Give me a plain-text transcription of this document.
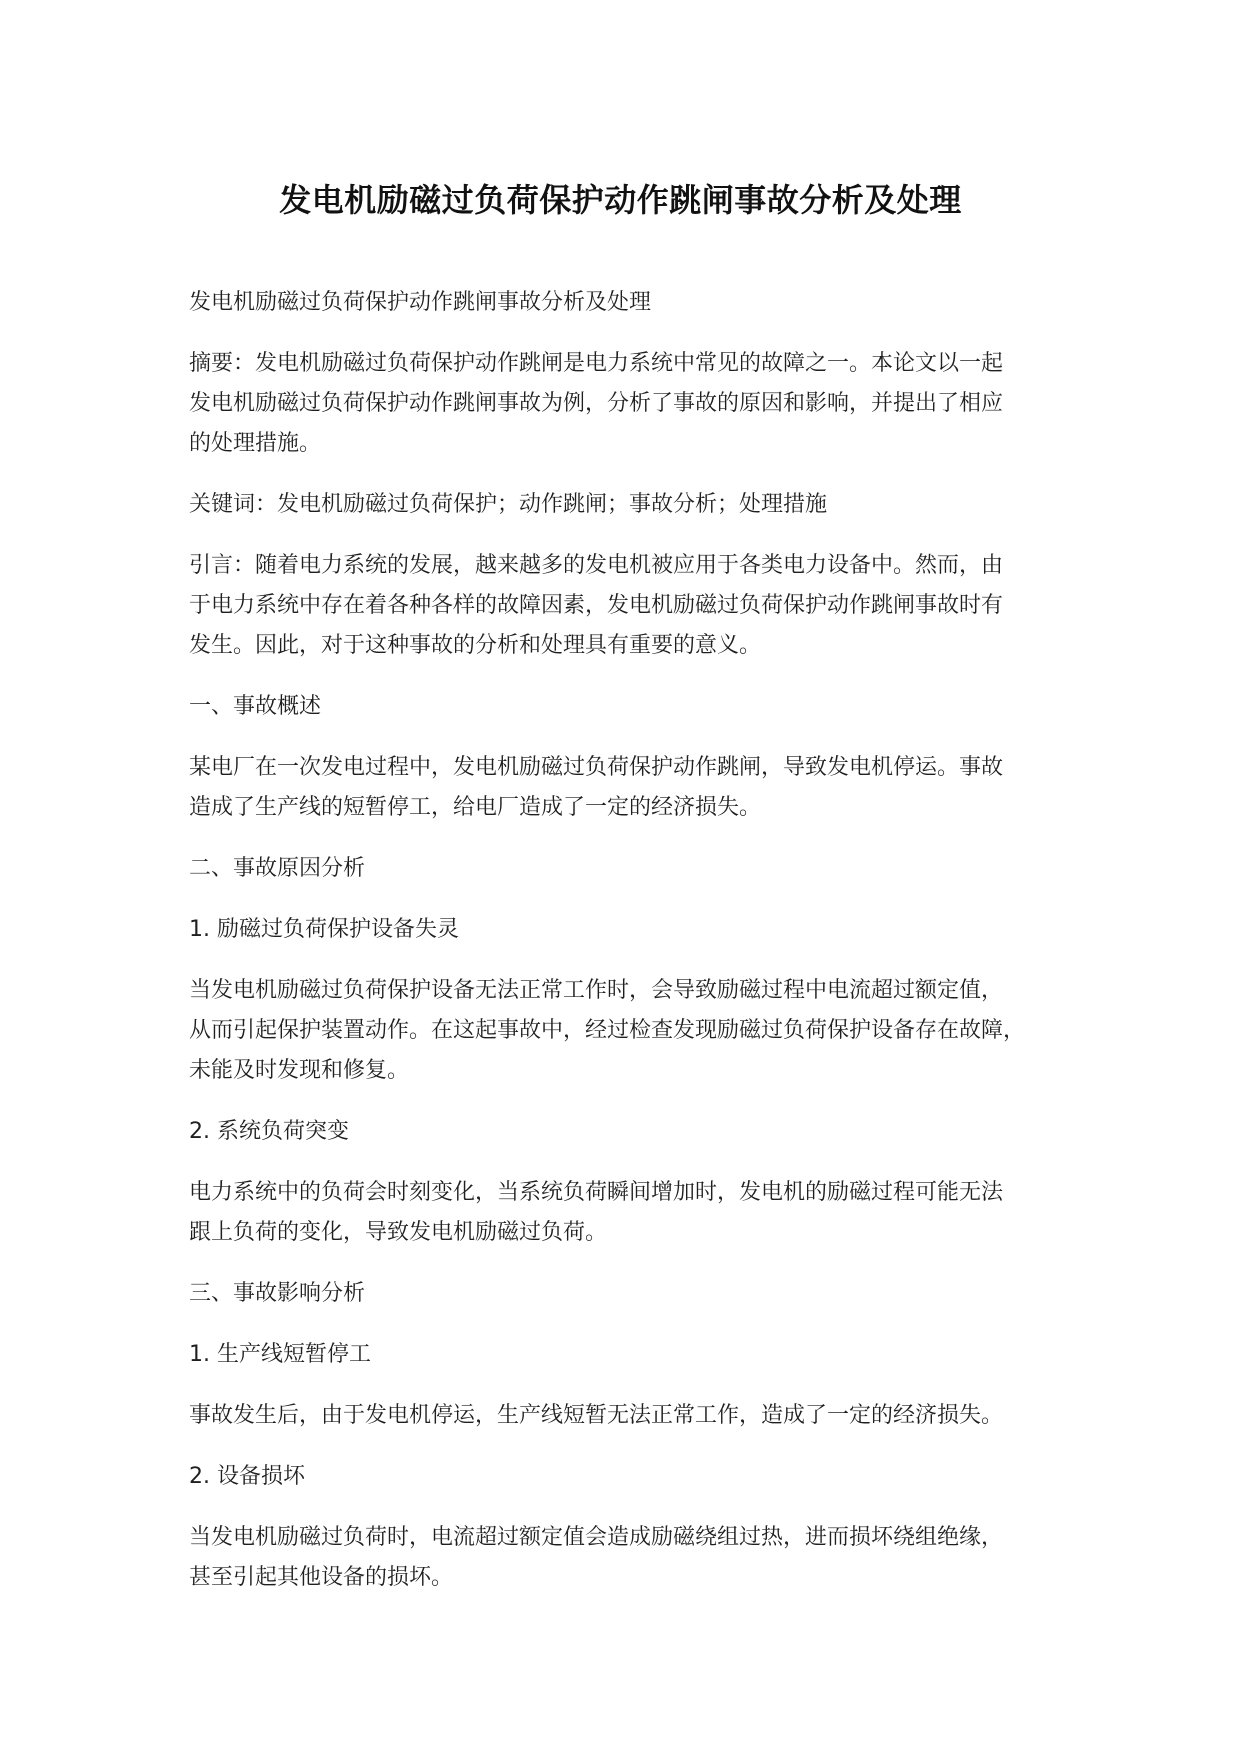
发电机励磁过负荷保护动作跳闸事故分析及处理

发电机励磁过负荷保护动作跳闸事故分析及处理

摘要：发电机励磁过负荷保护动作跳闸是电力系统中常见的故障之一。本论文以一起
发电机励磁过负荷保护动作跳闸事故为例，分析了事故的原因和影响，并提出了相应
的处理措施。

关键词：发电机励磁过负荷保护；动作跳闸；事故分析；处理措施

引言：随着电力系统的发展，越来越多的发电机被应用于各类电力设备中。然而，由
于电力系统中存在着各种各样的故障因素，发电机励磁过负荷保护动作跳闸事故时有
发生。因此，对于这种事故的分析和处理具有重要的意义。

一、事故概述

某电厂在一次发电过程中，发电机励磁过负荷保护动作跳闸，导致发电机停运。事故
造成了生产线的短暂停工，给电厂造成了一定的经济损失。

二、事故原因分析

1. 励磁过负荷保护设备失灵

当发电机励磁过负荷保护设备无法正常工作时，会导致励磁过程中电流超过额定值，
从而引起保护装置动作。在这起事故中，经过检查发现励磁过负荷保护设备存在故障，
未能及时发现和修复。

2. 系统负荷突变

电力系统中的负荷会时刻变化，当系统负荷瞬间增加时，发电机的励磁过程可能无法
跟上负荷的变化，导致发电机励磁过负荷。

三、事故影响分析

1. 生产线短暂停工

事故发生后，由于发电机停运，生产线短暂无法正常工作，造成了一定的经济损失。

2. 设备损坏

当发电机励磁过负荷时，电流超过额定值会造成励磁绕组过热，进而损坏绕组绝缘，
甚至引起其他设备的损坏。
